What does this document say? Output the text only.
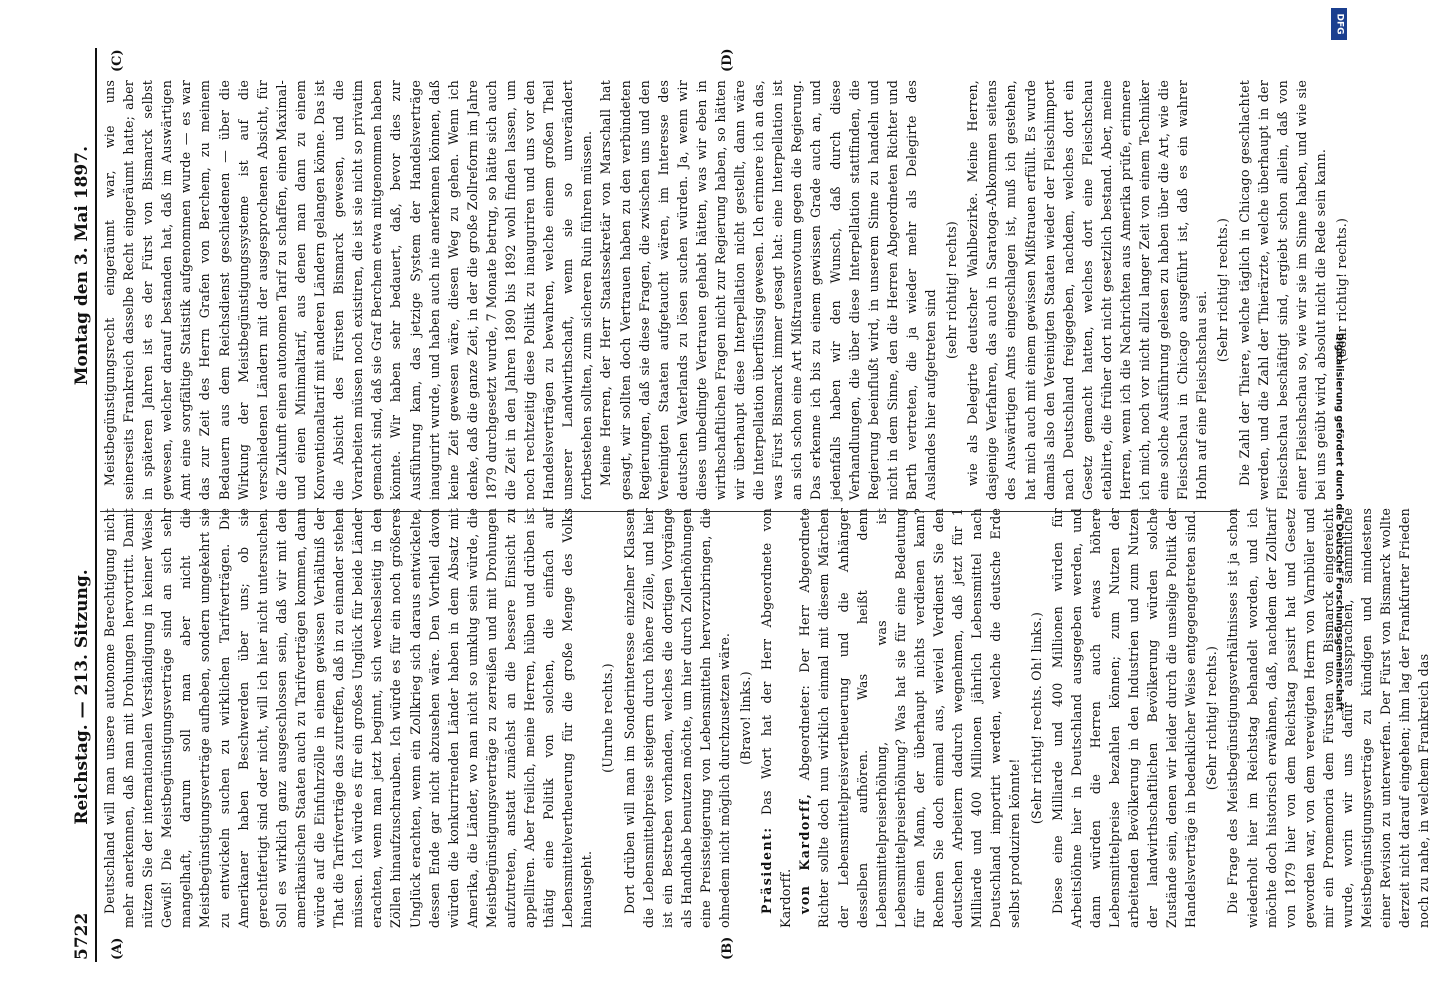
5722
Reichstag. — 213. Sitzung.
Montag den 3. Mai 1897.
(A)	(B)
(C)	(D)

Deutschland will man unsere autonome Berechtigung nicht mehr anerkennen, daß man mit Drohungen hervortritt. Damit nützen Sie der internationalen Verständigung in keiner Weise. Gewiß! Die Meistbegünstigungsverträge sind an sich sehr mangelhaft, darum soll man aber nicht die Meistbegünstigungsverträge aufheben, sondern umgekehrt sie zu entwickeln suchen zu wirklichen Tarifverträgen. Die Amerikaner haben Beschwerden über uns; ob sie gerechtfertigt sind oder nicht, will ich hier nicht untersuchen. Soll es wirklich ganz ausgeschlossen sein, daß wir mit den amerikanischen Staaten auch zu Tarifverträgen kommen, dann würde auf die Einfuhrzölle in einem gewissen Verhältniß der That die Tarifverträge das zutreffen, daß in zu einander stehen müssen. Ich würde es für ein großes Unglück für beide Länder erachten, wenn man jetzt beginnt, sich wechselseitig in den Zöllen hinaufzuschrauben. Ich würde es für ein noch größeres Unglück erachten, wenn ein Zollkrieg sich daraus entwickelte, dessen Ende gar nicht abzusehen wäre. Den Vortheil davon würden die konkurrirenden Länder haben in dem Absatz mit Amerika, die Länder, wo man nicht so umklug sein würde, die Meistbegünstigungsverträge zu zerreißen und mit Drohungen aufzutreten, anstatt zunächst an die bessere Einsicht zu appelliren. Aber freilich, meine Herren, hüben und drüben ist thätig eine Politik von solchen, die einfach auf Lebensmittelvertheuerung für die große Menge des Volks hinausgeht.

(Unruhe rechts.) Dort drüben will man im Sonderinteresse einzelner Klassen die Lebensmittelpreise steigern durch höhere Zölle, und hier ist ein Bestreben vorhanden, welches die dortigen Vorgänge als Handhabe benutzen möchte, um hier durch Zollerhöhungen eine Preissteigerung von Lebensmitteln hervorzubringen, die ohnedem nicht möglich durchzusetzen wäre. (Bravo! links.)

Präsident: Das Wort hat der Herr Abgeordnete von Kardorff. von Kardorff, Abgeordneter: Der Herr Abgeordnete Richter sollte doch nun wirklich einmal mit diesem Märchen der Lebensmittelpreisvertheuerung und die Anhänger desselben aufhören. Was heißt denn Lebensmittelpreiserhöhung, was ist Lebensmittelpreiserhöhung? Was hat sie für eine Bedeutung für einen Mann, der überhaupt nichts verdienen kann? Rechnen Sie doch einmal aus, wieviel Verdienst Sie den deutschen Arbeitern dadurch wegnehmen, daß jetzt für 1 Milliarde und 400 Millionen jährlich Lebensmittel nach Deutschland importirt werden, welche die deutsche Erde selbst produziren könnte!

(Sehr richtig! rechts. Oh! links.) Diese eine Milliarde und 400 Millionen würden für Arbeitslöhne hier in Deutschland ausgegeben werden, und dann würden die Herren auch etwas höhere Lebensmittelpreise bezahlen können; zum Nutzen der arbeitenden Bevölkerung in den Industrien und zum Nutzen der landwirthschaftlichen Bevölkerung würden solche Zustände sein, denen wir leider durch die unselige Politik der Handelsverträge in bedenklicher Weise entgegengetreten sind. (Sehr richtig! rechts.) Die Frage des Meistbegünstigungsverhältnisses ist ja schon wiederholt hier im Reichstag behandelt worden, und ich möchte doch historisch erwähnen, daß, nachdem der Zolltarif von 1879 hier von dem Reichstag passirt hat und Gesetz geworden war, von dem verewigten Herrn von Varnbüler und mir ein Promemoria dem Fürsten von Bismarck eingereicht wurde, worin wir uns dafür aussprachen, sämmtliche Meistbegünstigungsverträge zu kündigen und mindestens einer Revision zu unterwerfen. Der Fürst von Bismarck wollte derzeit nicht darauf eingehen; ihm lag der Frankfurter Frieden noch zu nahe, in welchem Frankreich das

Meistbegünstigungsrecht eingeräumt war, wie uns seinerseits Frankreich dasselbe Recht eingeräumt hatte; aber in späteren Jahren ist es der Fürst von Bismarck selbst gewesen, welcher darauf bestanden hat, daß im Auswärtigen Amt eine sorgfältige Statistik aufgenommen wurde — es war das zur Zeit des Herrn Grafen von Berchem, zu meinem Bedauern aus dem Reichsdienst geschiedenen — über die Wirkung der Meistbegünstigungssysteme ist auf die verschiedenen Ländern mit der ausgesprochenen Absicht, für die Zukunft einen autonomen Tarif zu schaffen, einen Maximal- und einen Minimaltarif, aus denen man dann zu einem Konventionaltarif mit anderen Ländern gelangen könne. Das ist die Absicht des Fürsten Bismarck gewesen, und die Vorarbeiten müssen noch existiren, die ist sie nicht so privatim gemacht sind, daß sie Graf Berchem etwa mitgenommen haben könnte. Wir haben sehr bedauert, daß, bevor dies zur Ausführung kam, das jetzige System der Handelsverträge inaugurirt wurde, und haben auch nie anerkennen können, daß keine Zeit gewesen wäre, diesen Weg zu gehen. Wenn ich denke, daß die ganze Zeit, in der die große Zollreform im Jahre 1879 durchgesetzt wurde, 7 Monate betrug, so hätte sich auch die Zeit in den Jahren 1890 bis 1892 wohl finden lassen, um noch rechtzeitig diese Politik zu inauguriren und uns vor den Handelsverträgen zu bewahren, welche einem großen Theil unserer Landwirthschaft, wenn sie so unverändert fortbestehen sollten, zum sicheren Ruin führen müssen. Meine Herren, der Herr Staatssekretär von Marschall hat gesagt, wir sollten doch Vertrauen haben zu den verbündeten Regierungen, daß sie diese Fragen, die zwischen uns und den Vereinigten Staaten aufgetaucht wären, im Interesse des deutschen Vaterlands zu lösen suchen würden. Ja, wenn wir dieses unbedingte Vertrauen gehabt hätten, was wir eben in wirthschaftlichen Fragen nicht zur Regierung haben, so hätten wir überhaupt diese Interpellation nicht gestellt, dann wäre die Interpellation überflüssig gewesen. Ich erinnere ich an das, was Fürst Bismarck immer gesagt hat: eine Interpellation ist an sich schon eine Art Mißtrauensvotum gegen die Regierung. Das erkenne ich bis zu einem gewissen Grade auch an, und jedenfalls haben wir den Wunsch, daß durch diese Verhandlungen, die über diese Interpellation stattfinden, die Regierung beeinflußt wird, in unserem Sinne zu handeln und nicht in dem Sinne, den die Herren Abgeordneten Richter und Barth vertreten, die ja wieder mehr als Delegirte des Auslandes hier aufgetreten sind (sehr richtig! rechts) wie als Delegirte deutscher Wahlbezirke. Meine Herren, dasjenige Verfahren, das auch in Saratoga-Abkommen seitens des Auswärtigen Amts eingeschlagen ist, muß ich gestehen, hat mich auch mit einem gewissen Mißtrauen erfüllt. Es wurde damals also den Vereinigten Staaten wieder der Fleischimport nach Deutschland freigegeben, nachdem, welches dort ein Gesetz gemacht hatten, welches dort eine Fleischschau etablirte, die früher dort nicht gesetzlich bestand. Aber, meine Herren, wenn ich die Nachrichten aus Amerika prüfe, erinnere ich mich, noch vor nicht allzu langer Zeit von einem Techniker eine solche Ausführung gelesen zu haben über die Art, wie die Fleischschau in Chicago ausgeführt ist, daß es ein wahrer Hohn auf eine Fleischschau sei.

(Sehr richtig! rechts.) Die Zahl der Thiere, welche täglich in Chicago geschlachtet werden, und die Zahl der Thierärzte, welche überhaupt in der Fleischschau beschäftigt sind, ergiebt schon allein, daß von einer Fleischschau so, wie wir sie im Sinne haben, und wie sie bei uns geübt wird, absolut nicht die Rede sein kann. (Sehr richtig! rechts.)

DFG
Digitalisierung gefördert durch die Deutsche Forschungsgemeinschaft
